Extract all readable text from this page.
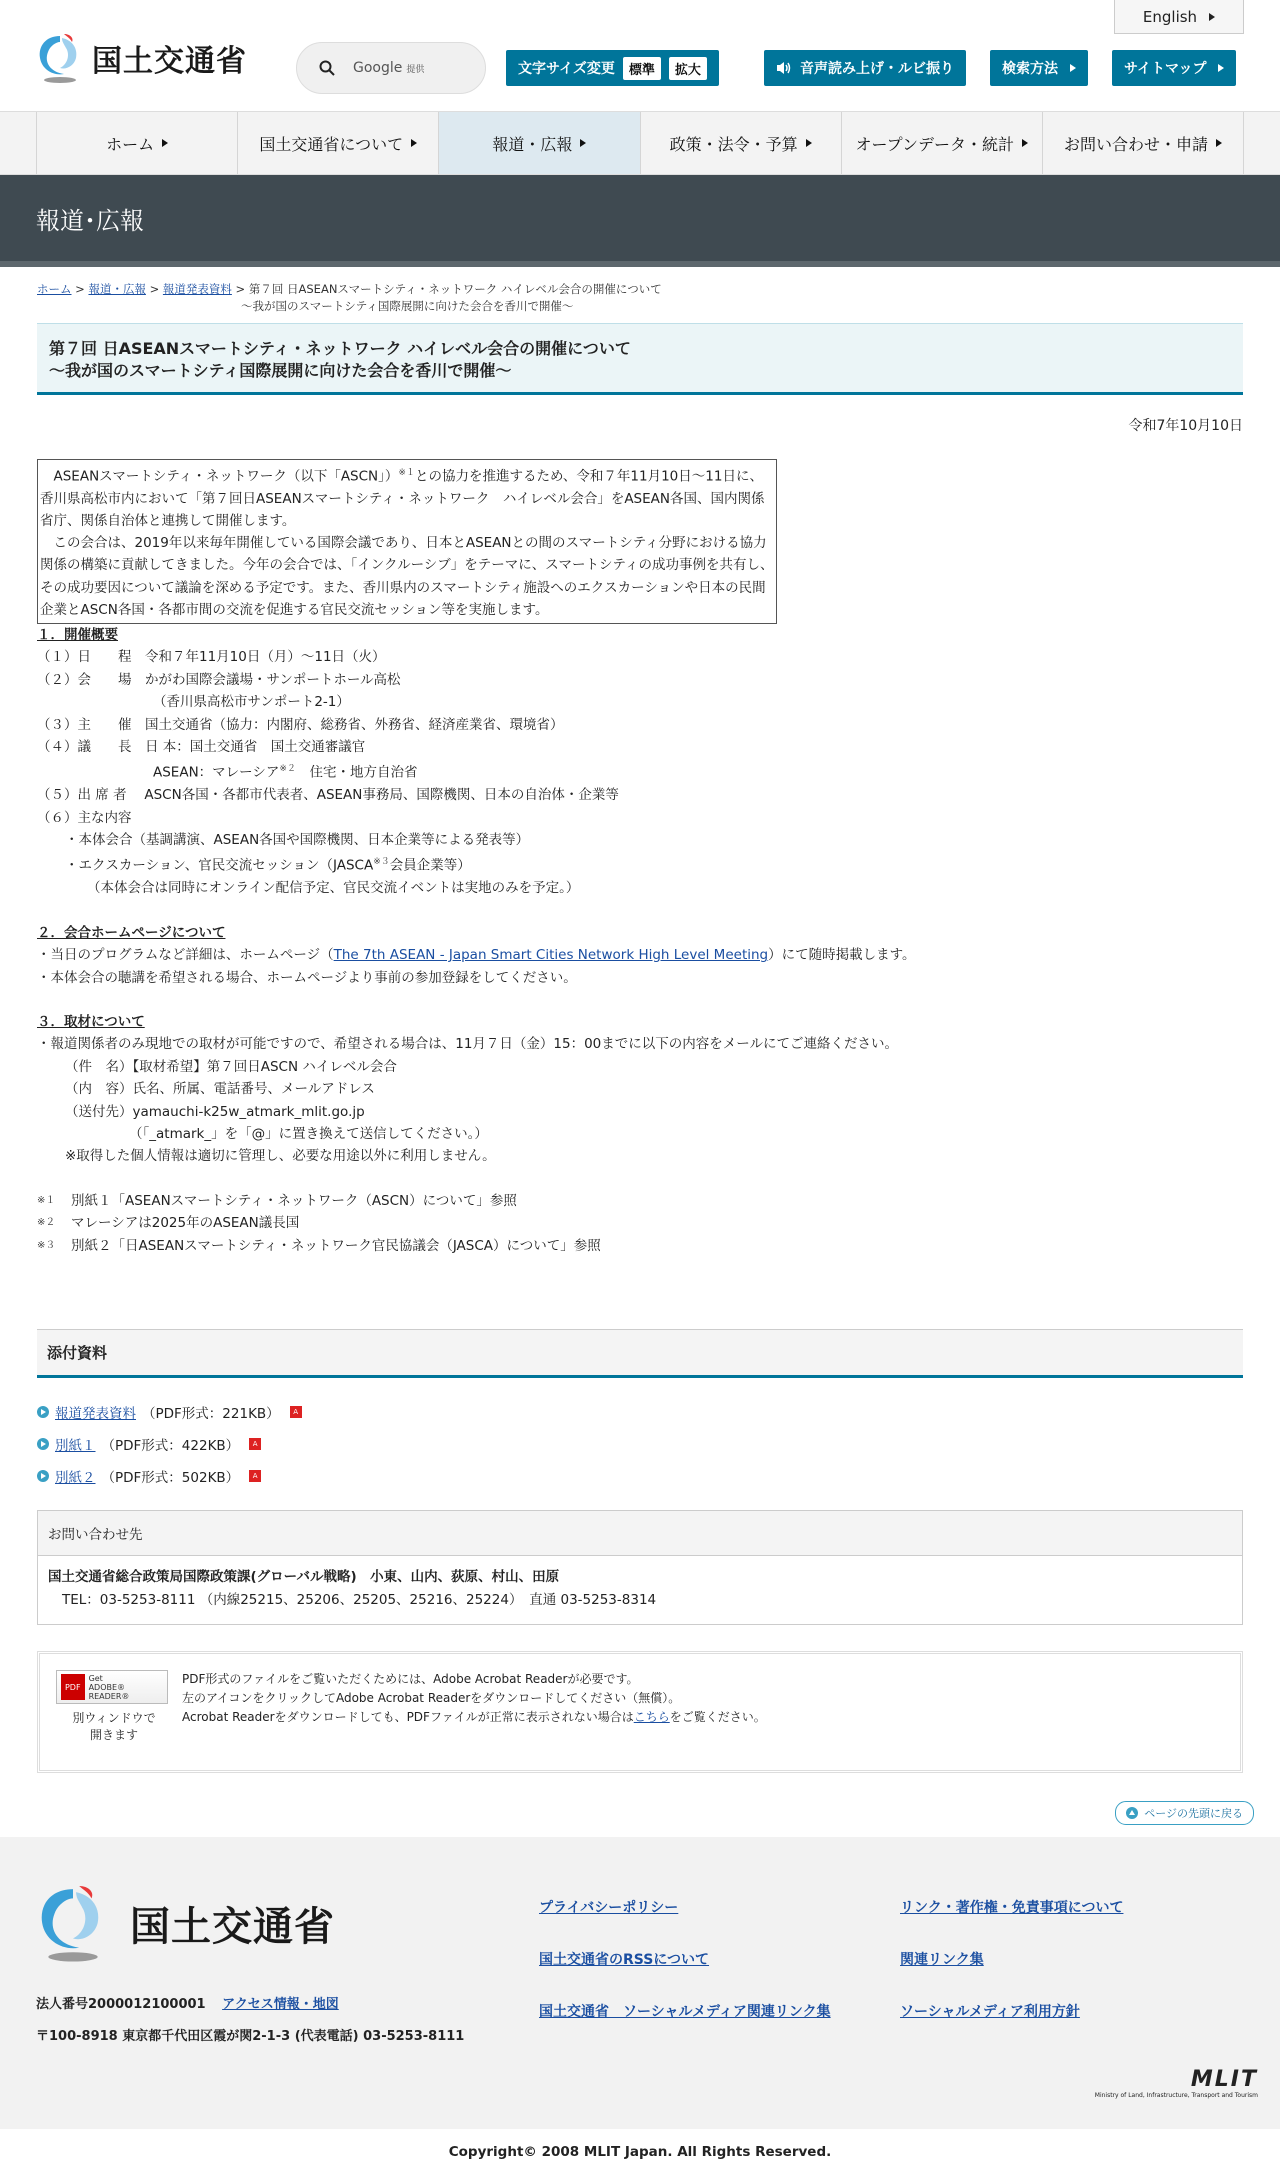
国土交通省
English
Google 提供	文字サイズ変更	標準	拡大	音声読み上げ・ルビ振り	検索方法	サイトマップ
ホーム	国土交通省について	報道・広報	政策・法令・予算	オープンデータ・統計	お問い合わせ・申請
報道･広報
ホーム > 報道・広報 > 報道発表資料 > 第７回 日ASEANスマートシティ・ネットワーク ハイレベル会合の開催について
～我が国のスマートシティ国際展開に向けた会合を香川で開催～
第７回 日ASEANスマートシティ・ネットワーク ハイレベル会合の開催について
～我が国のスマートシティ国際展開に向けた会合を香川で開催～
令和7年10月10日

ASEANスマートシティ・ネットワーク（以下「ASCN」）$^{※1}$との協力を推進するため、令和７年11月10日～11日に、香川県高松市内において「第７回日ASEANスマートシティ・ネットワーク　ハイレベル会合」をASEAN各国、国内関係省庁、関係自治体と連携して開催します。

この会合は、2019年以来毎年開催している国際会議であり、日本とASEANとの間のスマートシティ分野における協力関係の構築に貢献してきました。今年の会合では、「インクルーシブ」をテーマに、スマートシティの成功事例を共有し、その成功要因について議論を深める予定です。また、香川県内のスマートシティ施設へのエクスカーションや日本の民間企業とASCN各国・各都市間の交流を促進する官民交流セッション等を実施します。

１．開催概要
（１）日　　程　令和７年11月10日（月）～11日（火）
（２）会　　場　かがわ国際会議場・サンポートホール高松
（香川県高松市サンポート2-1）
（３）主　　催　国土交通省（協力：内閣府、総務省、外務省、経済産業省、環境省）
（４）議　　長　日 本：国土交通省　国土交通審議官
ASEAN：マレーシア$^{※2}$　住宅・地方自治省
（５）出 席 者　 ASCN各国・各都市代表者、ASEAN事務局、国際機関、日本の自治体・企業等
（６）主な内容
・本体会合（基調講演、ASEAN各国や国際機関、日本企業等による発表等）
・エクスカーション、官民交流セッション（JASCA$^{※3}$会員企業等）
（本体会合は同時にオンライン配信予定、官民交流イベントは実地のみを予定。）
２．会合ホームページについて
・当日のプログラムなど詳細は、ホームページ（The 7th ASEAN - Japan Smart Cities Network High Level Meeting）にて随時掲載します。
・本体会合の聴講を希望される場合、ホームページより事前の参加登録をしてください。
３．取材について
・報道関係者のみ現地での取材が可能ですので、希望される場合は、11月７日（金）15：00までに以下の内容をメールにてご連絡ください。
（件　名）【取材希望】第７回日ASCN ハイレベル会合
（内　容）氏名、所属、電話番号、メールアドレス
（送付先）yamauchi-k25w_atmark_mlit.go.jp
（「_atmark_」を「@」に置き換えて送信してください。）
※取得した個人情報は適切に管理し、必要な用途以外に利用しません。
※１ 別紙１「ASEANスマートシティ・ネットワーク（ASCN）について」参照
※２ マレーシアは2025年のASEAN議長国
※３ 別紙２「日ASEANスマートシティ・ネットワーク官民協議会（JASCA）について」参照
添付資料
報道発表資料 （PDF形式：221KB）	A
別紙１ （PDF形式：422KB）	A
別紙２ （PDF形式：502KB）	A
お問い合わせ先
国土交通省総合政策局国際政策課(グローバル戦略)　小東、山内、荻原、村山、田原
TEL：03-5253-8111 （内線25215、25206、25205、25216、25224）　直通 03-5253-8314
PDF
Get
ADOBE® READER®
別ウィンドウで
開きます
PDF形式のファイルをご覧いただくためには、Adobe Acrobat Readerが必要です。
左のアイコンをクリックしてAdobe Acrobat Readerをダウンロードしてください（無償）。
Acrobat Readerをダウンロードしても、PDFファイルが正常に表示されない場合はこちらをご覧ください。
ページの先頭に戻る
国土交通省
法人番号2000012100001 アクセス情報・地図
〒100-8918 東京都千代田区霞が関2-1-3 (代表電話) 03-5253-8111
プライバシーポリシー	リンク・著作権・免責事項について
国土交通省のRSSについて	関連リンク集
国土交通省　ソーシャルメディア関連リンク集	ソーシャルメディア利用方針
MLIT
Ministry of Land, Infrastructure, Transport and Tourism
Copyright© 2008 MLIT Japan. All Rights Reserved.
